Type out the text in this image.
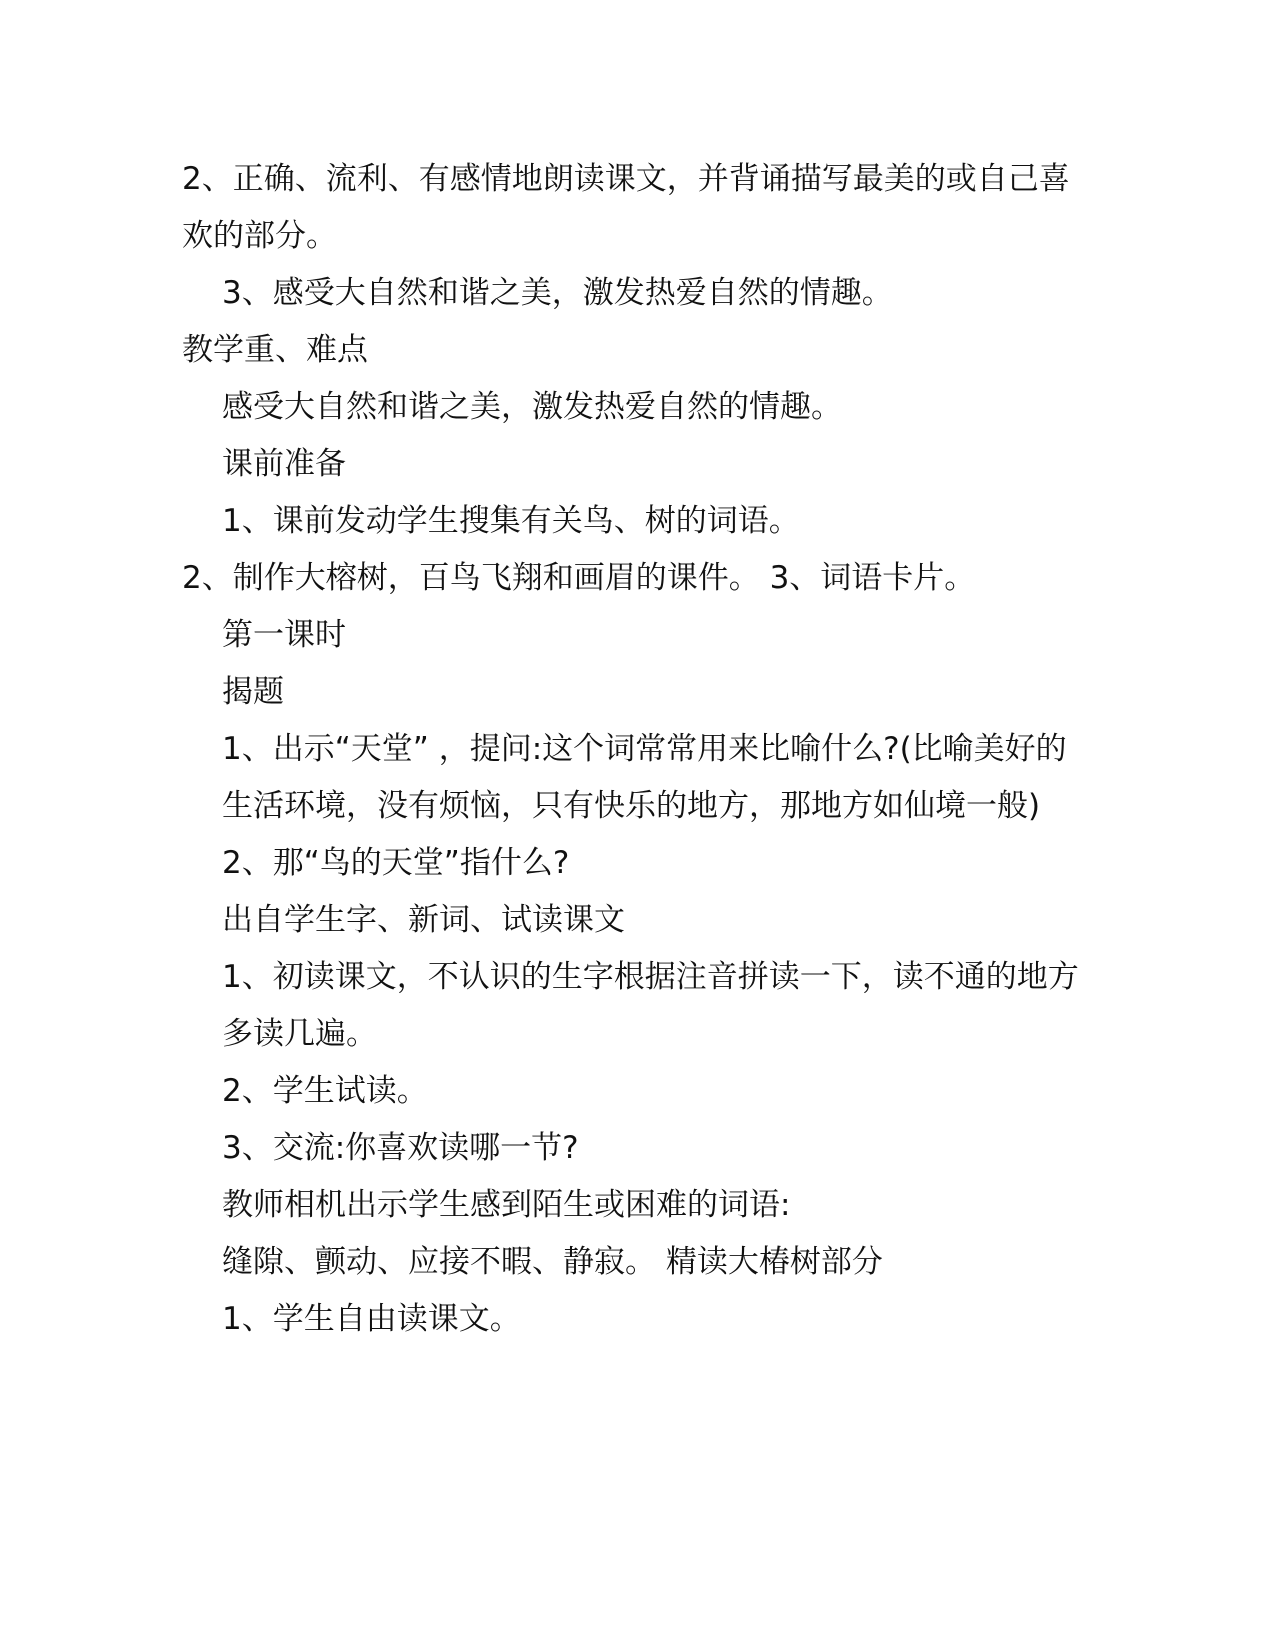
2、正确、流利、有感情地朗读课文，并背诵描写最美的或自己喜欢的部分。

3、感受大自然和谐之美，激发热爱自然的情趣。

教学重、难点

感受大自然和谐之美，激发热爱自然的情趣。

课前准备

1、课前发动学生搜集有关鸟、树的词语。

2、制作大榕树，百鸟飞翔和画眉的课件。 3、词语卡片。

第一课时

揭题

1、出示“天堂” ，提问:这个词常常用来比喻什么?(比喻美好的生活环境，没有烦恼，只有快乐的地方，那地方如仙境一般)

2、那“鸟的天堂”指什么?

出自学生字、新词、试读课文

1、初读课文，不认识的生字根据注音拼读一下，读不通的地方多读几遍。

2、学生试读。

3、交流:你喜欢读哪一节?

教师相机出示学生感到陌生或困难的词语:

缝隙、颤动、应接不暇、静寂。 精读大椿树部分

1、学生自由读课文。
